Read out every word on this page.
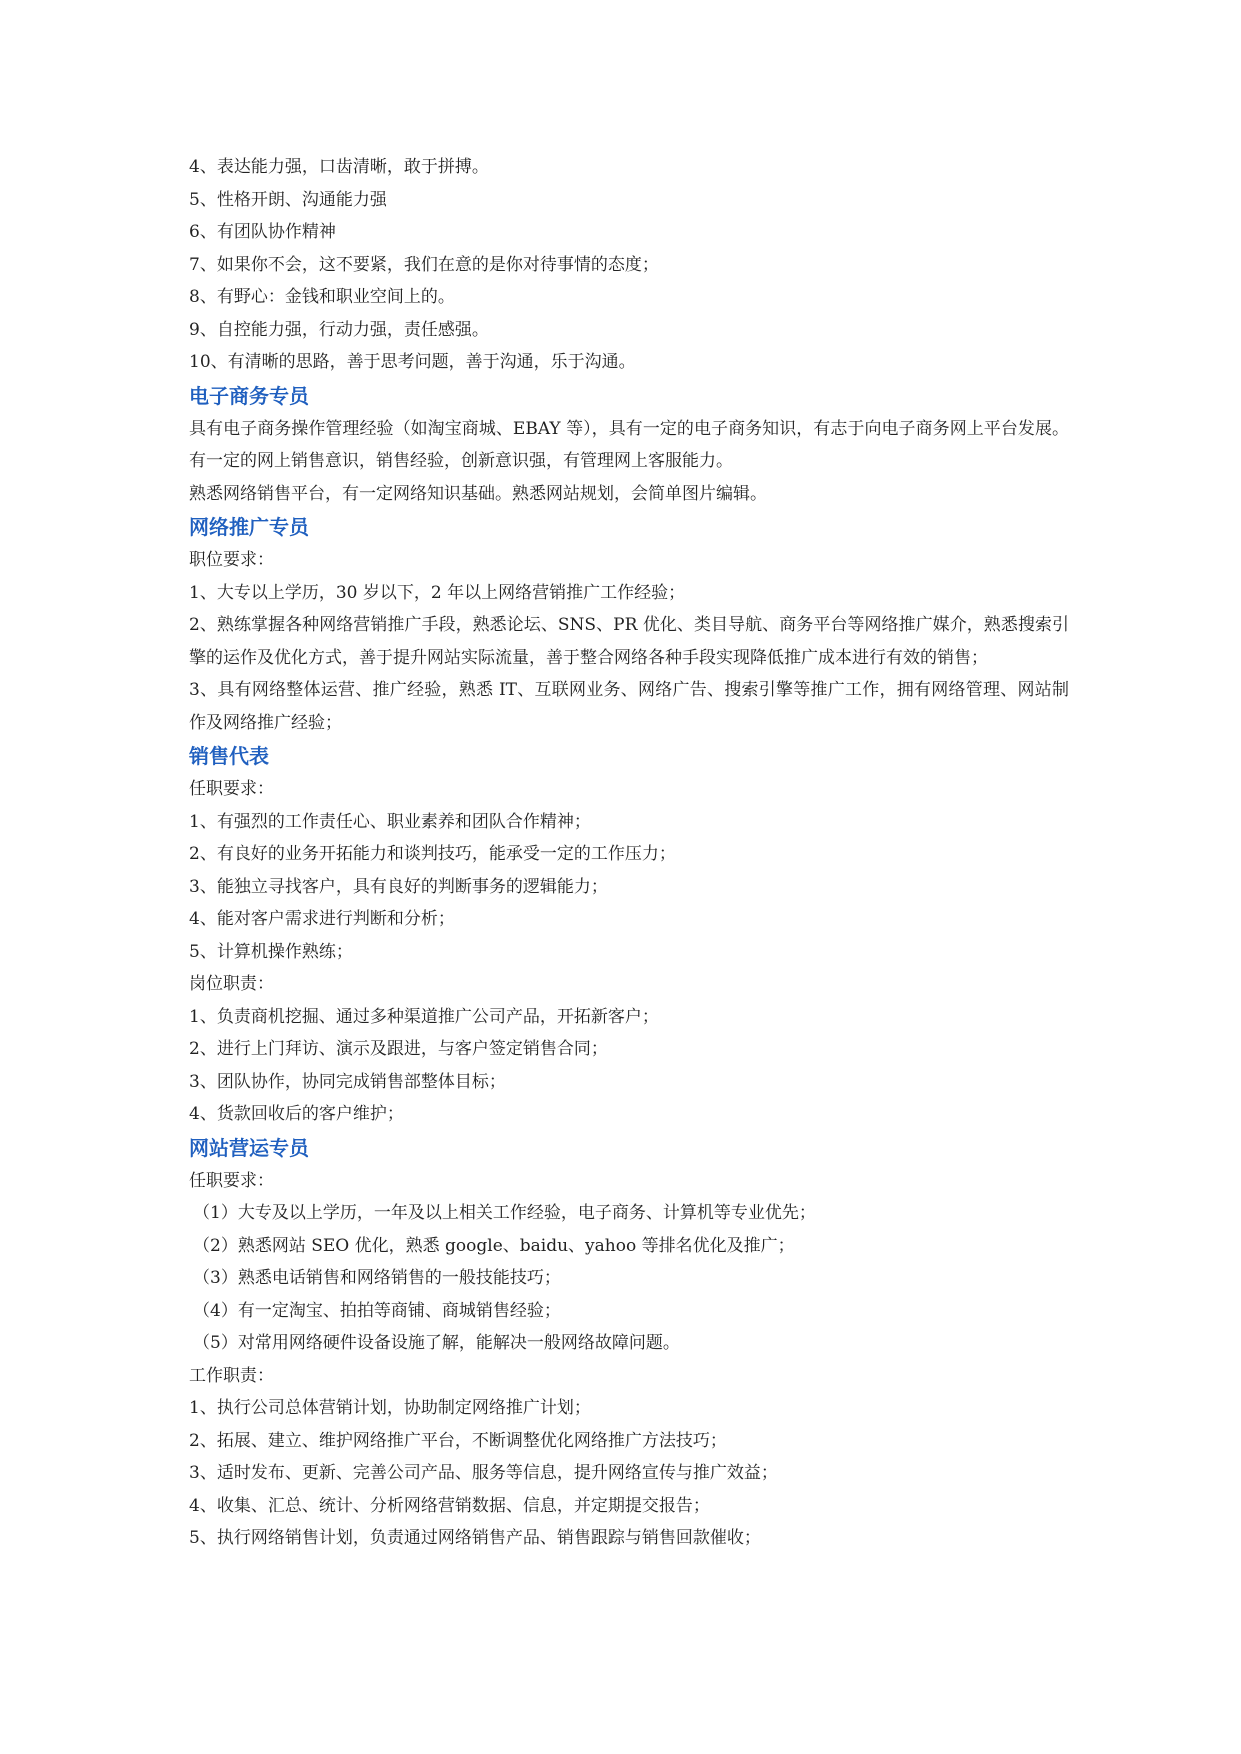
4、表达能力强，口齿清晰，敢于拼搏。

5、性格开朗、沟通能力强

6、有团队协作精神

7、如果你不会，这不要紧，我们在意的是你对待事情的态度；

8、有野心：金钱和职业空间上的。

9、自控能力强，行动力强，责任感强。

10、有清晰的思路，善于思考问题，善于沟通，乐于沟通。

电子商务专员

具有电子商务操作管理经验（如淘宝商城、EBAY 等），具有一定的电子商务知识，有志于向电子商务网上平台发展。有一定的网上销售意识，销售经验，创新意识强，有管理网上客服能力。

熟悉网络销售平台，有一定网络知识基础。熟悉网站规划，会简单图片编辑。

网络推广专员

职位要求：

1、大专以上学历，30 岁以下，2 年以上网络营销推广工作经验；

2、熟练掌握各种网络营销推广手段，熟悉论坛、SNS、PR 优化、类目导航、商务平台等网络推广媒介，熟悉搜索引擎的运作及优化方式，善于提升网站实际流量，善于整合网络各种手段实现降低推广成本进行有效的销售；

3、具有网络整体运营、推广经验，熟悉 IT、互联网业务、网络广告、搜索引擎等推广工作，拥有网络管理、网站制作及网络推广经验；

销售代表

任职要求：

1、有强烈的工作责任心、职业素养和团队合作精神；

2、有良好的业务开拓能力和谈判技巧，能承受一定的工作压力；

3、能独立寻找客户，具有良好的判断事务的逻辑能力；

4、能对客户需求进行判断和分析；

5、计算机操作熟练；

岗位职责：

1、负责商机挖掘、通过多种渠道推广公司产品，开拓新客户；

2、进行上门拜访、演示及跟进，与客户签定销售合同；

3、团队协作，协同完成销售部整体目标；

4、货款回收后的客户维护；

网站营运专员

任职要求：

（1）大专及以上学历，一年及以上相关工作经验，电子商务、计算机等专业优先；

（2）熟悉网站 SEO 优化，熟悉 google、baidu、yahoo 等排名优化及推广；

（3）熟悉电话销售和网络销售的一般技能技巧；

（4）有一定淘宝、拍拍等商铺、商城销售经验；

（5）对常用网络硬件设备设施了解，能解决一般网络故障问题。

工作职责：

1、执行公司总体营销计划，协助制定网络推广计划；

2、拓展、建立、维护网络推广平台，不断调整优化网络推广方法技巧；

3、适时发布、更新、完善公司产品、服务等信息，提升网络宣传与推广效益；

4、收集、汇总、统计、分析网络营销数据、信息，并定期提交报告；

5、执行网络销售计划，负责通过网络销售产品、销售跟踪与销售回款催收；
